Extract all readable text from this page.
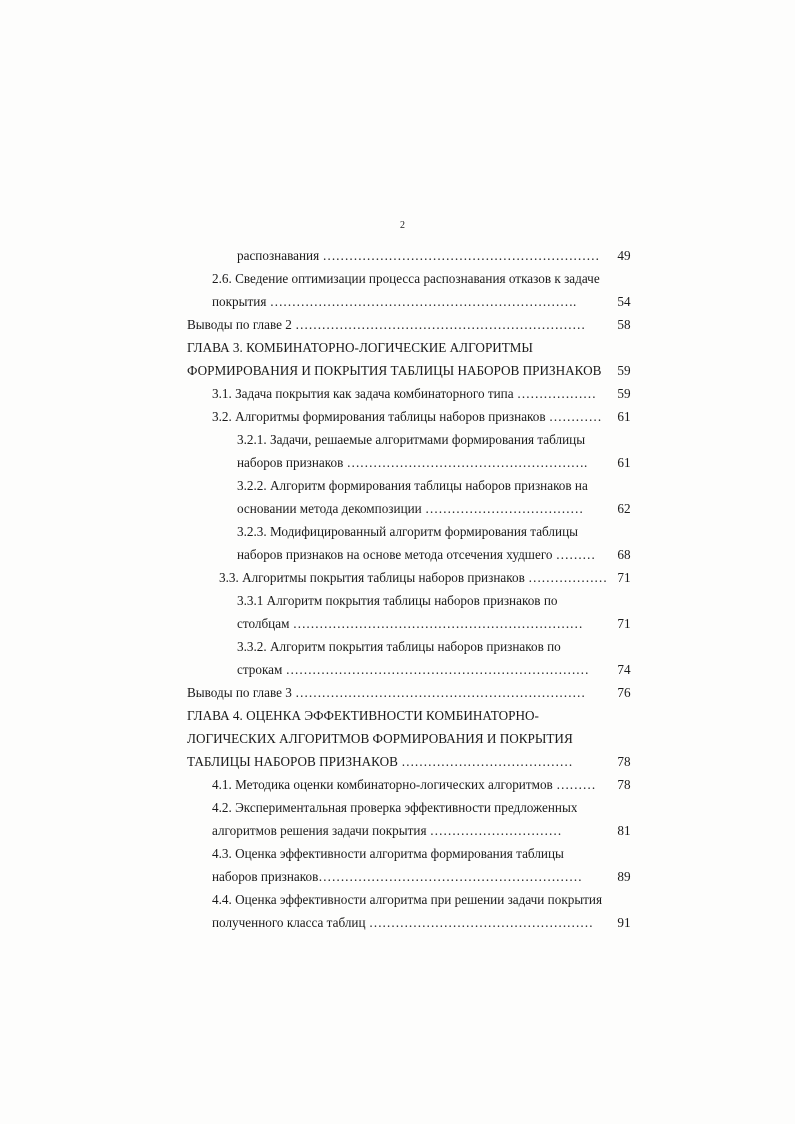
2
распознавания ……………………………………………………… 49
2.6. Сведение оптимизации процесса распознавания отказов к задаче
покрытия …………………………………………………………….	54
Выводы по главе 2 ………………………………………………………… 58
ГЛАВА 3. КОМБИНАТОРНО-ЛОГИЧЕСКИЕ АЛГОРИТМЫ
ФОРМИРОВАНИЯ И ПОКРЫТИЯ ТАБЛИЦЫ НАБОРОВ ПРИЗНАКОВ 59
3.1. Задача покрытия как задача комбинаторного типа ……………… 59
3.2. Алгоритмы формирования таблицы наборов признаков ………… 61
3.2.1. Задачи, решаемые алгоритмами формирования таблицы
наборов признаков ………………………………………………. 61
3.2.2. Алгоритм формирования таблицы наборов признаков на
основании метода декомпозиции ………………………………	62
3.2.3. Модифицированный алгоритм формирования таблицы
наборов признаков на основе метода отсечения худшего ……… 68
3.3. Алгоритмы покрытия таблицы наборов признаков ……………… 71
3.3.1 Алгоритм покрытия таблицы наборов признаков по
столбцам …………………………………………………………	71
3.3.2. Алгоритм покрытия таблицы наборов признаков по
строкам …………………………………………………………… 74
Выводы по главе 3 ………………………………………………………… 76
ГЛАВА 4. ОЦЕНКА ЭФФЕКТИВНОСТИ КОМБИНАТОРНО-
ЛОГИЧЕСКИХ АЛГОРИТМОВ ФОРМИРОВАНИЯ И ПОКРЫТИЯ
ТАБЛИЦЫ НАБОРОВ ПРИЗНАКОВ …………………………………	78
4.1. Методика оценки комбинаторно-логических алгоритмов ……… 78
4.2. Экспериментальная проверка эффективности предложенных
алгоритмов решения задачи покрытия …………………………	81
4.3. Оценка эффективности алгоритма формирования таблицы
наборов признаков……………………………………………………	89
4.4. Оценка эффективности алгоритма при решении задачи покрытия
полученного класса таблиц …………………………………………… 91
